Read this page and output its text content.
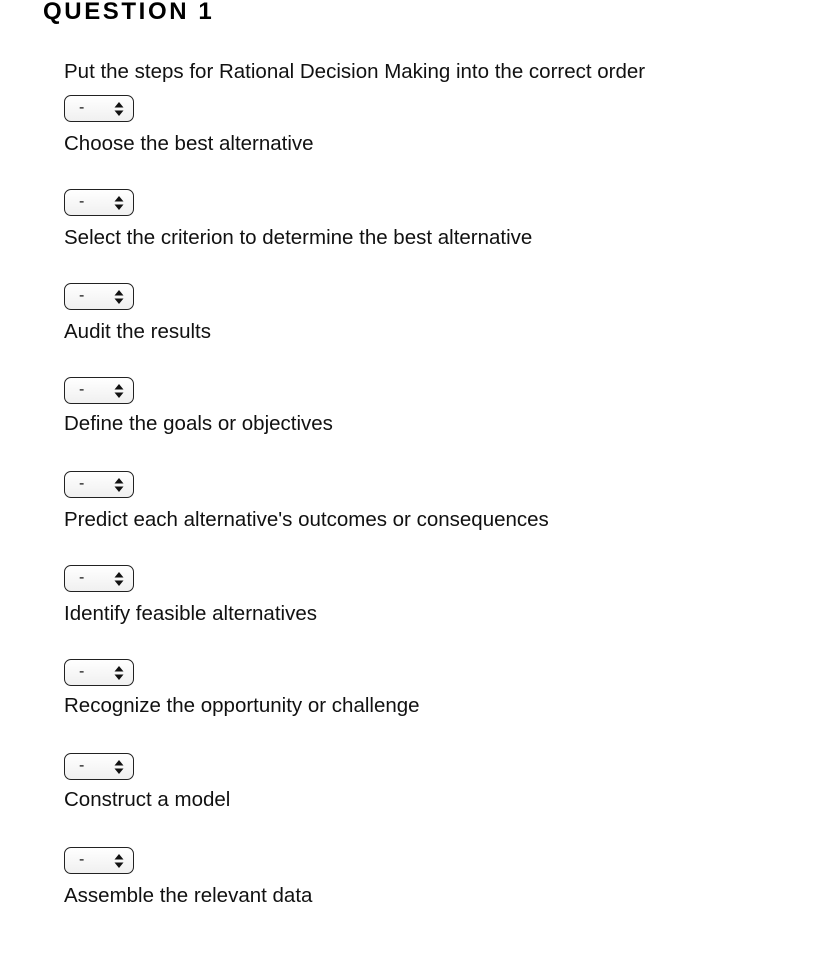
QUESTION 1
Put the steps for Rational Decision Making into the correct order
-
Choose the best alternative
-
Select the criterion to determine the best alternative
-
Audit the results
-
Define the goals or objectives
-
Predict each alternative's outcomes or consequences
-
Identify feasible alternatives
-
Recognize the opportunity or challenge
-
Construct a model
-
Assemble the relevant data
